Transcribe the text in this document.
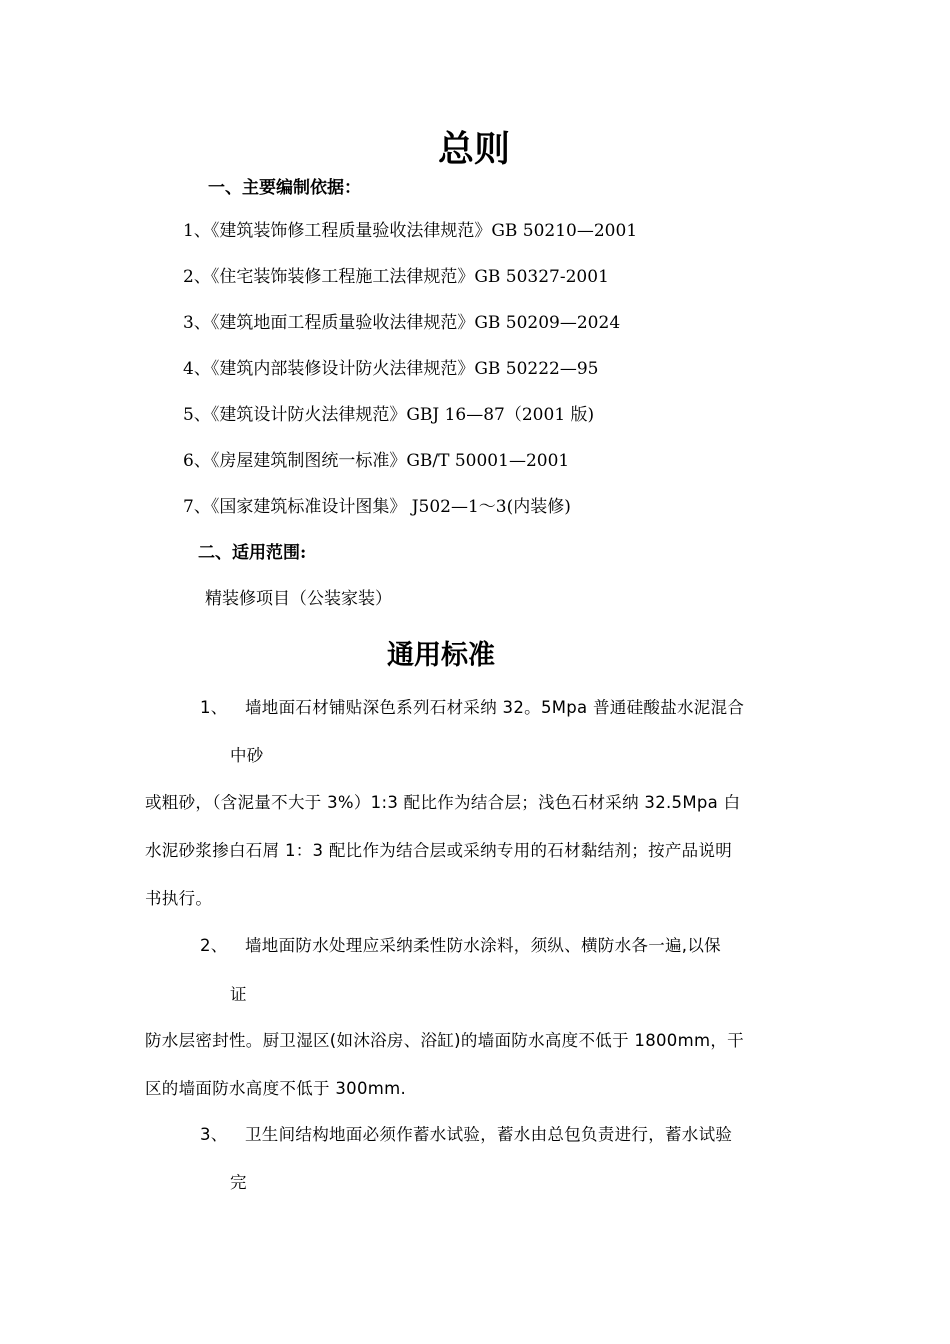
总则
一、主要编制依据：
1、《建筑装饰修工程质量验收法律规范》GB 50210—2001
2、《住宅装饰装修工程施工法律规范》GB 50327-2001
3、《建筑地面工程质量验收法律规范》GB 50209—2024
4、《建筑内部装修设计防火法律规范》GB 50222—95
5、《建筑设计防火法律规范》GBJ 16—87（2001 版)
6、《房屋建筑制图统一标准》GB/T 50001—2001
7、《国家建筑标准设计图集》 J502—1～3(内装修)
二、适用范围:
精装修项目（公装家装）
通用标准
1、 墙地面石材铺贴深色系列石材采纳 32。5Mpa 普通硅酸盐水泥混合
中砂
或粗砂，（含泥量不大于 3%）1:3 配比作为结合层；浅色石材采纳 32.5Mpa 白
水泥砂浆掺白石屑 1：3 配比作为结合层或采纳专用的石材黏结剂；按产品说明
书执行。
2、 墙地面防水处理应采纳柔性防水涂料，须纵、横防水各一遍,以保
证
防水层密封性。厨卫湿区(如沐浴房、浴缸)的墙面防水高度不低于 1800mm，干
区的墙面防水高度不低于 300mm.
3、 卫生间结构地面必须作蓄水试验，蓄水由总包负责进行，蓄水试验
完
